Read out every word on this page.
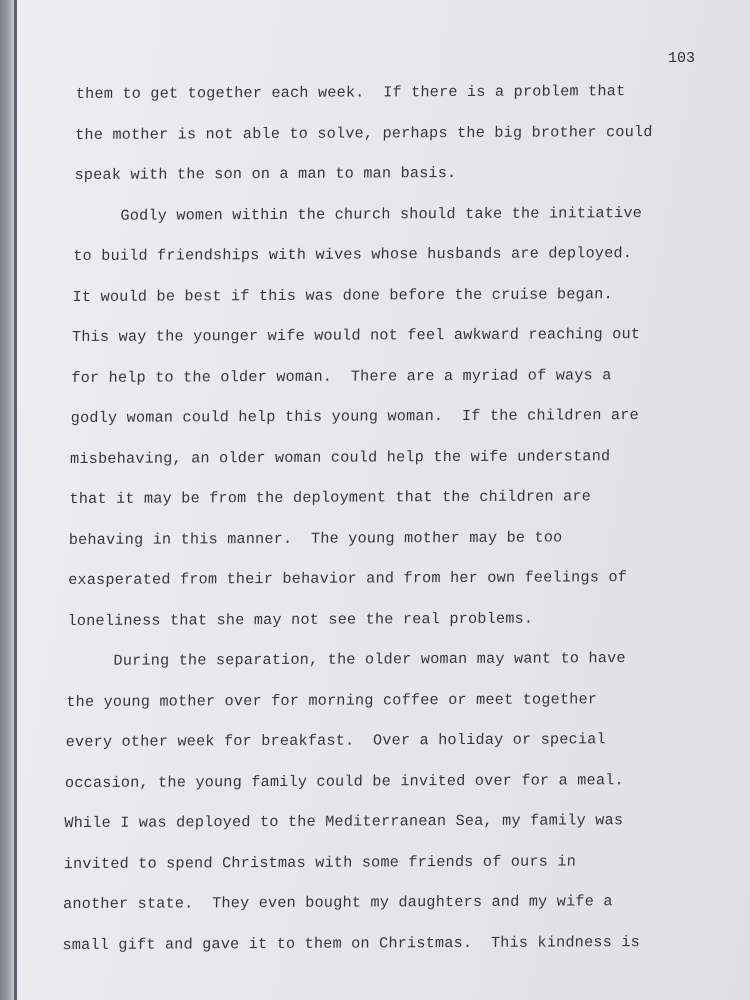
103
them to get together each week.  If there is a problem that
the mother is not able to solve, perhaps the big brother could
speak with the son on a man to man basis.
Godly women within the church should take the initiative
to build friendships with wives whose husbands are deployed.
It would be best if this was done before the cruise began.
This way the younger wife would not feel awkward reaching out
for help to the older woman.  There are a myriad of ways a
godly woman could help this young woman.  If the children are
misbehaving, an older woman could help the wife understand
that it may be from the deployment that the children are
behaving in this manner.  The young mother may be too
exasperated from their behavior and from her own feelings of
loneliness that she may not see the real problems.
During the separation, the older woman may want to have
the young mother over for morning coffee or meet together
every other week for breakfast.  Over a holiday or special
occasion, the young family could be invited over for a meal.
While I was deployed to the Mediterranean Sea, my family was
invited to spend Christmas with some friends of ours in
another state.  They even bought my daughters and my wife a
small gift and gave it to them on Christmas.  This kindness is
